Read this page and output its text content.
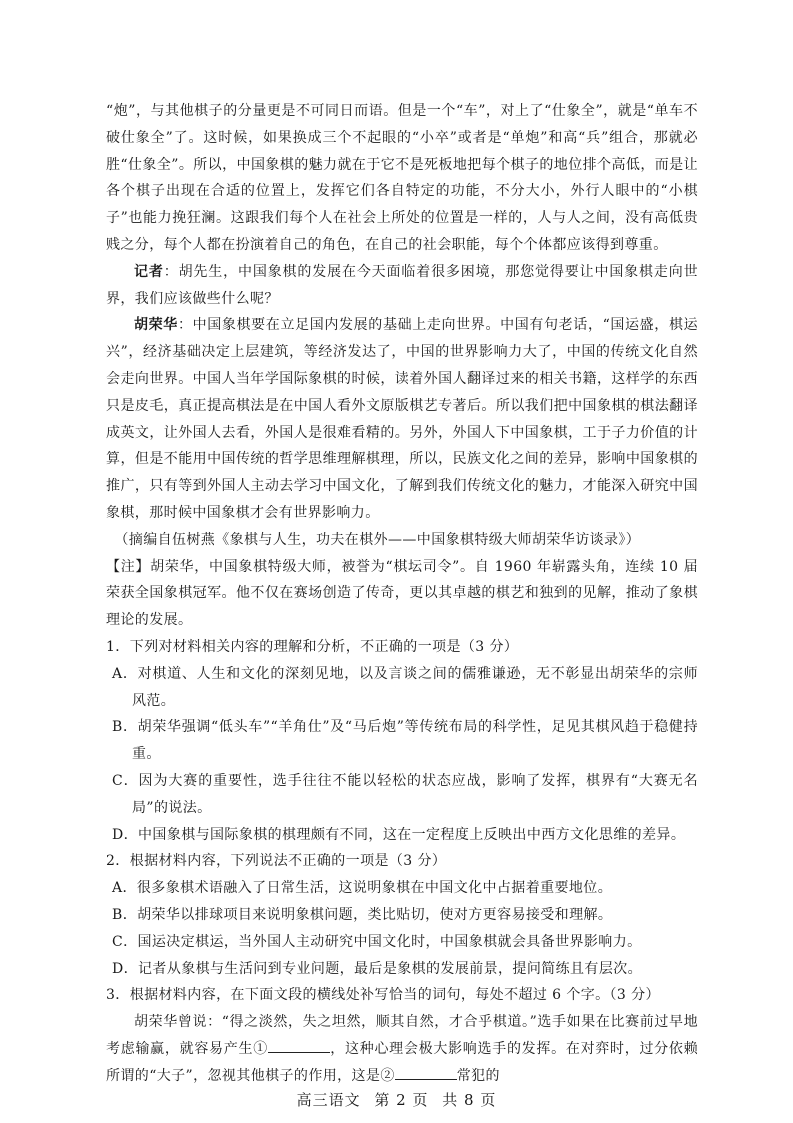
“炮”，与其他棋子的分量更是不可同日而语。但是一个“车”，对上了“仕象全”，就是“单车不破仕象全”了。这时候，如果换成三个不起眼的“小卒”或者是“单炮”和高“兵”组合，那就必胜“仕象全”。所以，中国象棋的魅力就在于它不是死板地把每个棋子的地位排个高低，而是让各个棋子出现在合适的位置上，发挥它们各自特定的功能，不分大小，外行人眼中的“小棋子”也能力挽狂澜。这跟我们每个人在社会上所处的位置是一样的，人与人之间，没有高低贵贱之分，每个人都在扮演着自己的角色，在自己的社会职能，每个个体都应该得到尊重。

记者：胡先生，中国象棋的发展在今天面临着很多困境，那您觉得要让中国象棋走向世界，我们应该做些什么呢？

胡荣华：中国象棋要在立足国内发展的基础上走向世界。中国有句老话，“国运盛，棋运兴”，经济基础决定上层建筑，等经济发达了，中国的世界影响力大了，中国的传统文化自然会走向世界。中国人当年学国际象棋的时候，读着外国人翻译过来的相关书籍，这样学的东西只是皮毛，真正提高棋法是在中国人看外文原版棋艺专著后。所以我们把中国象棋的棋法翻译成英文，让外国人去看，外国人是很难看精的。另外，外国人下中国象棋，工于子力价值的计算，但是不能用中国传统的哲学思维理解棋理，所以，民族文化之间的差异，影响中国象棋的推广，只有等到外国人主动去学习中国文化，了解到我们传统文化的魅力，才能深入研究中国象棋，那时候中国象棋才会有世界影响力。

（摘编自伍树燕《象棋与人生，功夫在棋外——中国象棋特级大师胡荣华访谈录》）

【注】胡荣华，中国象棋特级大师，被誉为“棋坛司令”。自 1960 年崭露头角，连续 10 届荣获全国象棋冠军。他不仅在赛场创造了传奇，更以其卓越的棋艺和独到的见解，推动了象棋理论的发展。

1．下列对材料相关内容的理解和分析，不正确的一项是（3 分）

A．对棋道、人生和文化的深刻见地，以及言谈之间的儒雅谦逊，无不彰显出胡荣华的宗师风范。

B．胡荣华强调“低头车”“羊角仕”及“马后炮”等传统布局的科学性，足见其棋风趋于稳健持重。

C．因为大赛的重要性，选手往往不能以轻松的状态应战，影响了发挥，棋界有“大赛无名局”的说法。

D．中国象棋与国际象棋的棋理颇有不同，这在一定程度上反映出中西方文化思维的差异。

2．根据材料内容，下列说法不正确的一项是（3 分）

A．很多象棋术语融入了日常生活，这说明象棋在中国文化中占据着重要地位。

B．胡荣华以排球项目来说明象棋问题，类比贴切，使对方更容易接受和理解。

C．国运决定棋运，当外国人主动研究中国文化时，中国象棋就会具备世界影响力。

D．记者从象棋与生活问到专业问题，最后是象棋的发展前景，提问简练且有层次。

3．根据材料内容，在下面文段的横线处补写恰当的词句，每处不超过 6 个字。（3 分）

胡荣华曾说：“得之淡然，失之坦然，顺其自然，才合乎棋道。”选手如果在比赛前过早地考虑输赢，就容易产生①	，这种心理会极大影响选手的发挥。在对弈时，过分依赖所谓的“大子”，忽视其他棋子的作用，这是②	常犯的

高三语文 第 2 页 共 8 页
